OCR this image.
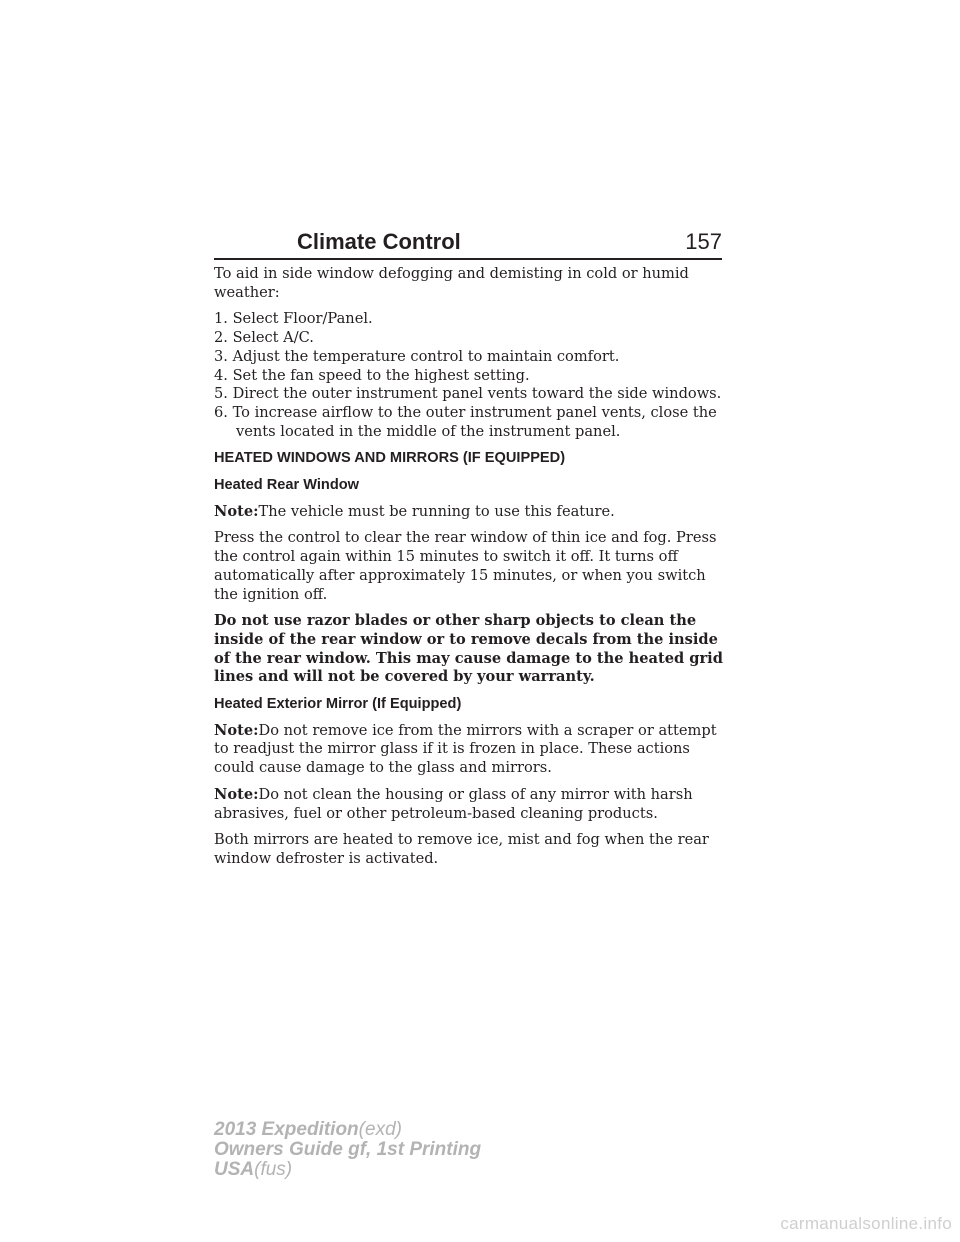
Climate Control	157

To aid in side window defogging and demisting in cold or humid weather:

1. Select Floor/Panel.
2. Select A/C.
3. Adjust the temperature control to maintain comfort.
4. Set the fan speed to the highest setting.
5. Direct the outer instrument panel vents toward the side windows.
6. To increase airflow to the outer instrument panel vents, close the vents located in the middle of the instrument panel.
HEATED WINDOWS AND MIRRORS (IF EQUIPPED)
Heated Rear Window

Note:The vehicle must be running to use this feature.

Press the control to clear the rear window of thin ice and fog. Press the control again within 15 minutes to switch it off. It turns off automatically after approximately 15 minutes, or when you switch the ignition off.

Do not use razor blades or other sharp objects to clean the inside of the rear window or to remove decals from the inside of the rear window. This may cause damage to the heated grid lines and will not be covered by your warranty.

Heated Exterior Mirror (If Equipped)

Note:Do not remove ice from the mirrors with a scraper or attempt to readjust the mirror glass if it is frozen in place. These actions could cause damage to the glass and mirrors.

Note:Do not clean the housing or glass of any mirror with harsh abrasives, fuel or other petroleum-based cleaning products.

Both mirrors are heated to remove ice, mist and fog when the rear window defroster is activated.

2013 Expedition(exd)
Owners Guide gf, 1st Printing
USA(fus)
carmanualsonline.info
